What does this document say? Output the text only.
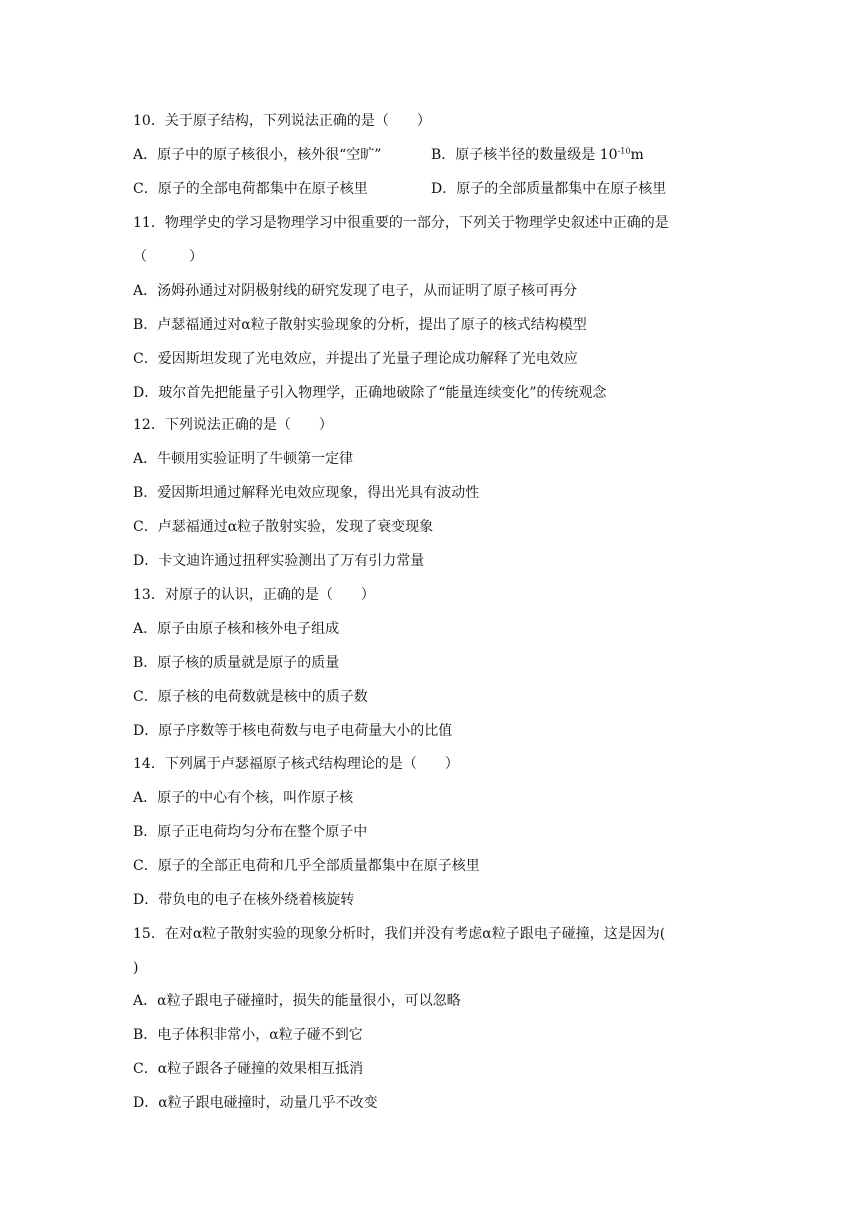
10．关于原子结构，下列说法正确的是（　　）
A．原子中的原子核很小，核外很“空旷”	B．原子核半径的数量级是 $10^{-10}m$
C．原子的全部电荷都集中在原子核里	D．原子的全部质量都集中在原子核里
11．物理学史的学习是物理学习中很重要的一部分，下列关于物理学史叙述中正确的是
（　　　）
A．汤姆孙通过对阴极射线的研究发现了电子，从而证明了原子核可再分
B．卢瑟福通过对α粒子散射实验现象的分析，提出了原子的核式结构模型
C．爱因斯坦发现了光电效应，并提出了光量子理论成功解释了光电效应
D．玻尔首先把能量子引入物理学，正确地破除了“能量连续变化”的传统观念
12．下列说法正确的是（　　）
A．牛顿用实验证明了牛顿第一定律
B．爱因斯坦通过解释光电效应现象，得出光具有波动性
C．卢瑟福通过α粒子散射实验，发现了衰变现象
D．卡文迪许通过扭秤实验测出了万有引力常量
13．对原子的认识，正确的是（　　）
A．原子由原子核和核外电子组成
B．原子核的质量就是原子的质量
C．原子核的电荷数就是核中的质子数
D．原子序数等于核电荷数与电子电荷量大小的比值
14．下列属于卢瑟福原子核式结构理论的是（　　）
A．原子的中心有个核，叫作原子核
B．原子正电荷均匀分布在整个原子中
C．原子的全部正电荷和几乎全部质量都集中在原子核里
D．带负电的电子在核外绕着核旋转
15．在对α粒子散射实验的现象分析时，我们并没有考虑α粒子跟电子碰撞，这是因为(
)
A．α粒子跟电子碰撞时，损失的能量很小，可以忽略
B．电子体积非常小，α粒子碰不到它
C．α粒子跟各子碰撞的效果相互抵消
D．α粒子跟电碰撞时，动量几乎不改变
